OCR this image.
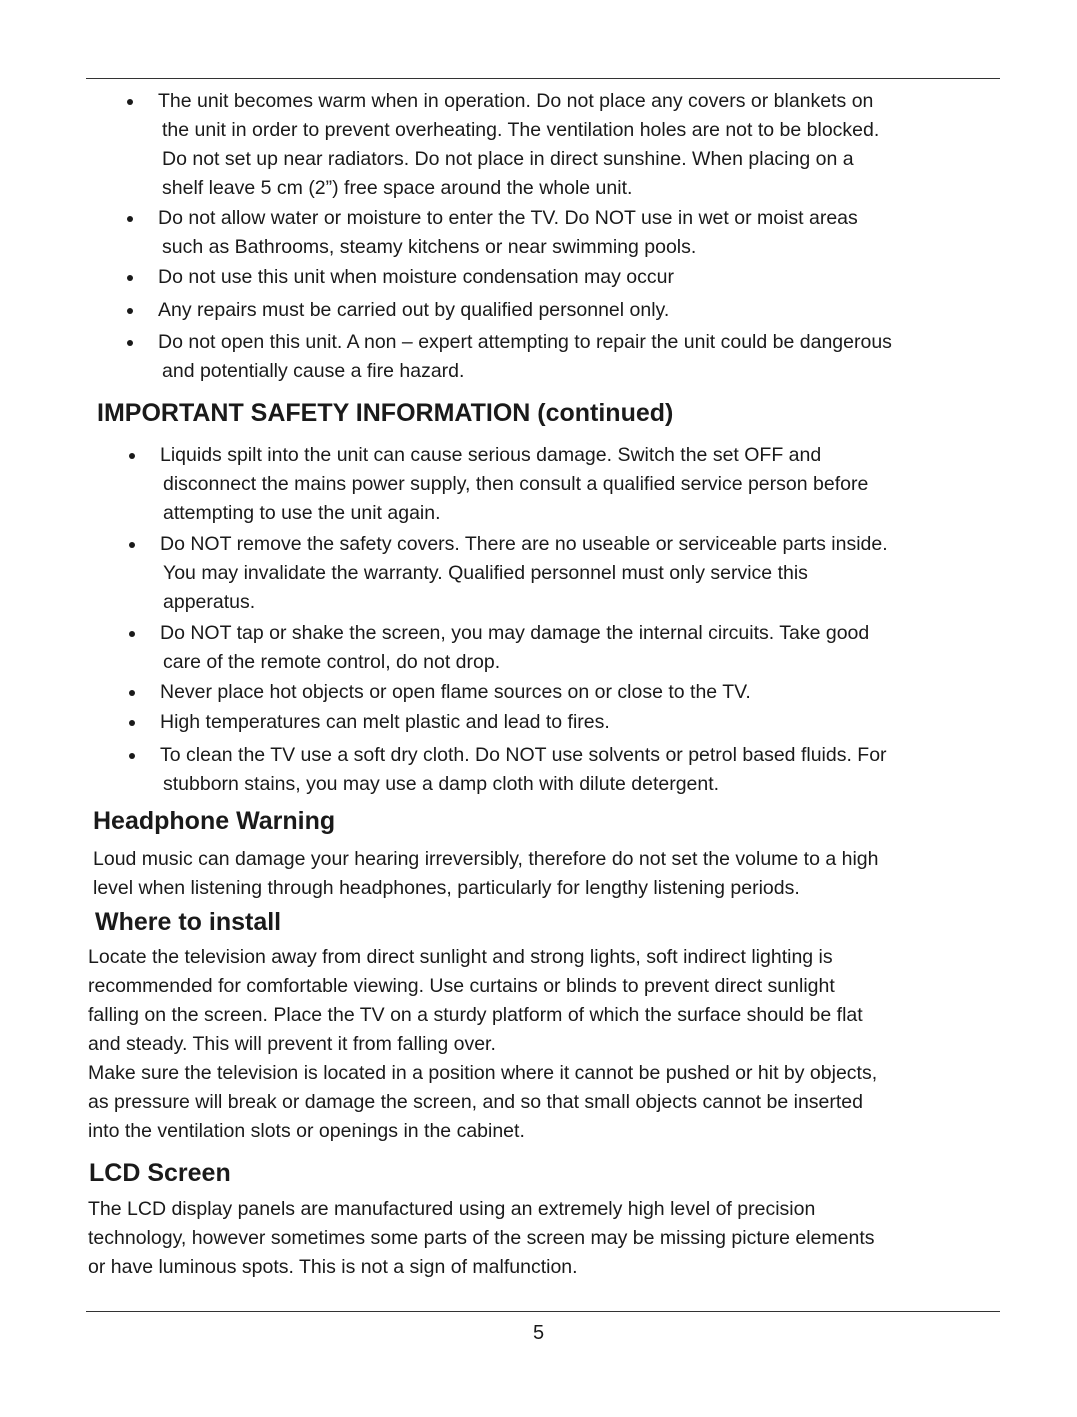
The unit becomes warm when in operation. Do not place any covers or blankets on
the unit in order to prevent overheating. The ventilation holes are not to be blocked.
Do not set up near radiators. Do not place in direct sunshine. When placing on a
shelf leave 5 cm (2”) free space around the whole unit.
Do not allow water or moisture to enter the TV. Do NOT use in wet or moist areas
such as Bathrooms, steamy kitchens or near swimming pools.
Do not use this unit when moisture condensation may occur
Any repairs must be carried out by qualified personnel only.
Do not open this unit. A non – expert attempting to repair the unit could be dangerous
and potentially cause a fire hazard.
IMPORTANT SAFETY INFORMATION (continued)
Liquids spilt into the unit can cause serious damage. Switch the set OFF and
disconnect the mains power supply, then consult a qualified service person before
attempting to use the unit again.
Do NOT remove the safety covers. There are no useable or serviceable parts inside.
You may invalidate the warranty. Qualified personnel must only service this
apperatus.
Do NOT tap or shake the screen, you may damage the internal circuits. Take good
care of the remote control, do not drop.
Never place hot objects or open flame sources on or close to the TV.
High temperatures can melt plastic and lead to fires.
To clean the TV use a soft dry cloth. Do NOT use solvents or petrol based fluids. For
stubborn stains, you may use a damp cloth with dilute detergent.
Headphone Warning

Loud music can damage your hearing irreversibly, therefore do not set the volume to a high
level when listening through headphones, particularly for lengthy listening periods.

Where to install

Locate the television away from direct sunlight and strong lights, soft indirect lighting is
recommended for comfortable viewing. Use curtains or blinds to prevent direct sunlight
falling on the screen. Place the TV on a sturdy platform of which the surface should be flat
and steady. This will prevent it from falling over.

Make sure the television is located in a position where it cannot be pushed or hit by objects,
as pressure will break or damage the screen, and so that small objects cannot be inserted
into the ventilation slots or openings in the cabinet.

LCD Screen

The LCD display panels are manufactured using an extremely high level of precision
technology, however sometimes some parts of the screen may be missing picture elements
or have luminous spots. This is not a sign of malfunction.

5
